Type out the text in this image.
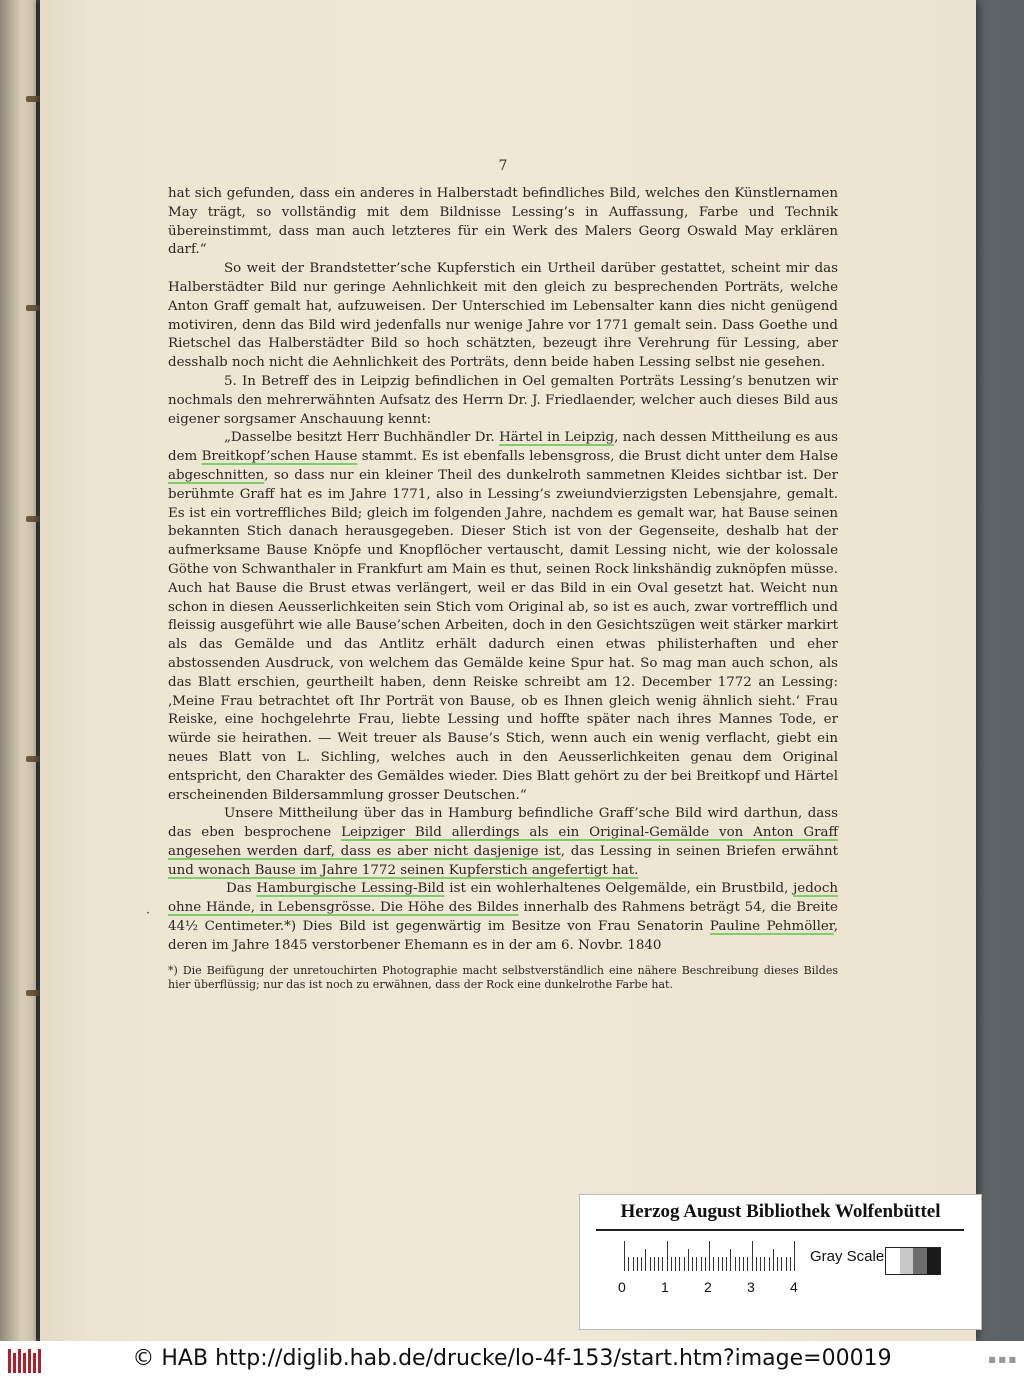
7

hat sich gefunden, dass ein anderes in Halberstadt befindliches Bild, welches den Künstlernamen May trägt, so vollständig mit dem Bildnisse Lessing’s in Auffassung, Farbe und Technik übereinstimmt, dass man auch letzteres für ein Werk des Malers Georg Oswald May erklären darf.“

So weit der Brandstetter’sche Kupferstich ein Urtheil darüber gestattet, scheint mir das Halberstädter Bild nur geringe Aehnlichkeit mit den gleich zu besprechenden Porträts, welche Anton Graff gemalt hat, aufzuweisen. Der Unterschied im Lebensalter kann dies nicht genügend motiviren, denn das Bild wird jedenfalls nur wenige Jahre vor 1771 gemalt sein. Dass Goethe und Rietschel das Halberstädter Bild so hoch schätzten, bezeugt ihre Verehrung für Lessing, aber desshalb noch nicht die Aehnlichkeit des Porträts, denn beide haben Lessing selbst nie gesehen.

5. In Betreff des in Leipzig befindlichen in Oel gemalten Porträts Lessing’s benutzen wir nochmals den mehrerwähnten Aufsatz des Herrn Dr. J. Friedlaender, welcher auch dieses Bild aus eigener sorgsamer Anschauung kennt:

„Dasselbe besitzt Herr Buchhändler Dr. Härtel in Leipzig, nach dessen Mittheilung es aus dem Breitkopf’schen Hause stammt. Es ist ebenfalls lebensgross, die Brust dicht unter dem Halse abgeschnitten, so dass nur ein kleiner Theil des dunkelroth sammetnen Kleides sichtbar ist. Der berühmte Graff hat es im Jahre 1771, also in Lessing’s zweiundvierzigsten Lebensjahre, gemalt. Es ist ein vortreffliches Bild; gleich im folgenden Jahre, nachdem es gemalt war, hat Bause seinen bekannten Stich danach herausgegeben. Dieser Stich ist von der Gegenseite, deshalb hat der aufmerksame Bause Knöpfe und Knopflöcher vertauscht, damit Lessing nicht, wie der kolossale Göthe von Schwanthaler in Frankfurt am Main es thut, seinen Rock linkshändig zuknöpfen müsse. Auch hat Bause die Brust etwas verlängert, weil er das Bild in ein Oval gesetzt hat. Weicht nun schon in diesen Aeusserlichkeiten sein Stich vom Original ab, so ist es auch, zwar vortrefflich und fleissig ausgeführt wie alle Bause’schen Arbeiten, doch in den Gesichtszügen weit stärker markirt als das Gemälde und das Antlitz erhält dadurch einen etwas philisterhaften und eher abstossenden Ausdruck, von welchem das Gemälde keine Spur hat. So mag man auch schon, als das Blatt erschien, geurtheilt haben, denn Reiske schreibt am 12. December 1772 an Lessing: ‚Meine Frau betrachtet oft Ihr Porträt von Bause, ob es Ihnen gleich wenig ähnlich sieht.‘ Frau Reiske, eine hochgelehrte Frau, liebte Lessing und hoffte später nach ihres Mannes Tode, er würde sie heirathen. — Weit treuer als Bause’s Stich, wenn auch ein wenig verflacht, giebt ein neues Blatt von L. Sichling, welches auch in den Aeusserlichkeiten genau dem Original entspricht, den Charakter des Gemäldes wieder. Dies Blatt gehört zu der bei Breitkopf und Härtel erscheinenden Bildersammlung grosser Deutschen.“

Unsere Mittheilung über das in Hamburg befindliche Graff’sche Bild wird darthun, dass das eben besprochene Leipziger Bild allerdings als ein Original-Gemälde von Anton Graff angesehen werden darf, dass es aber nicht dasjenige ist, das Lessing in seinen Briefen erwähnt und wonach Bause im Jahre 1772 seinen Kupferstich angefertigt hat.

Das Hamburgische Lessing-Bild ist ein wohlerhaltenes Oelgemälde, ein Brustbild, jedoch ohne Hände, in Lebensgrösse. Die Höhe des Bildes innerhalb des Rahmens beträgt 54, die Breite 44½ Centimeter.*) Dies Bild ist gegenwärtig im Besitze von Frau Senatorin Pauline Pehmöller, deren im Jahre 1845 verstorbener Ehemann es in der am 6. Novbr. 1840

·
*) Die Beifügung der unretouchirten Photographie macht selbstverständlich eine nähere Beschreibung dieses Bildes hier überflüssig; nur das ist noch zu erwähnen, dass der Rock eine dunkelrothe Farbe hat.
Herzog August Bibliothek Wolfenbüttel
0	1	2	3	4
Gray Scale
© HAB http://diglib.hab.de/drucke/lo-4f-153/start.htm?image=00019	■ ■ ■
